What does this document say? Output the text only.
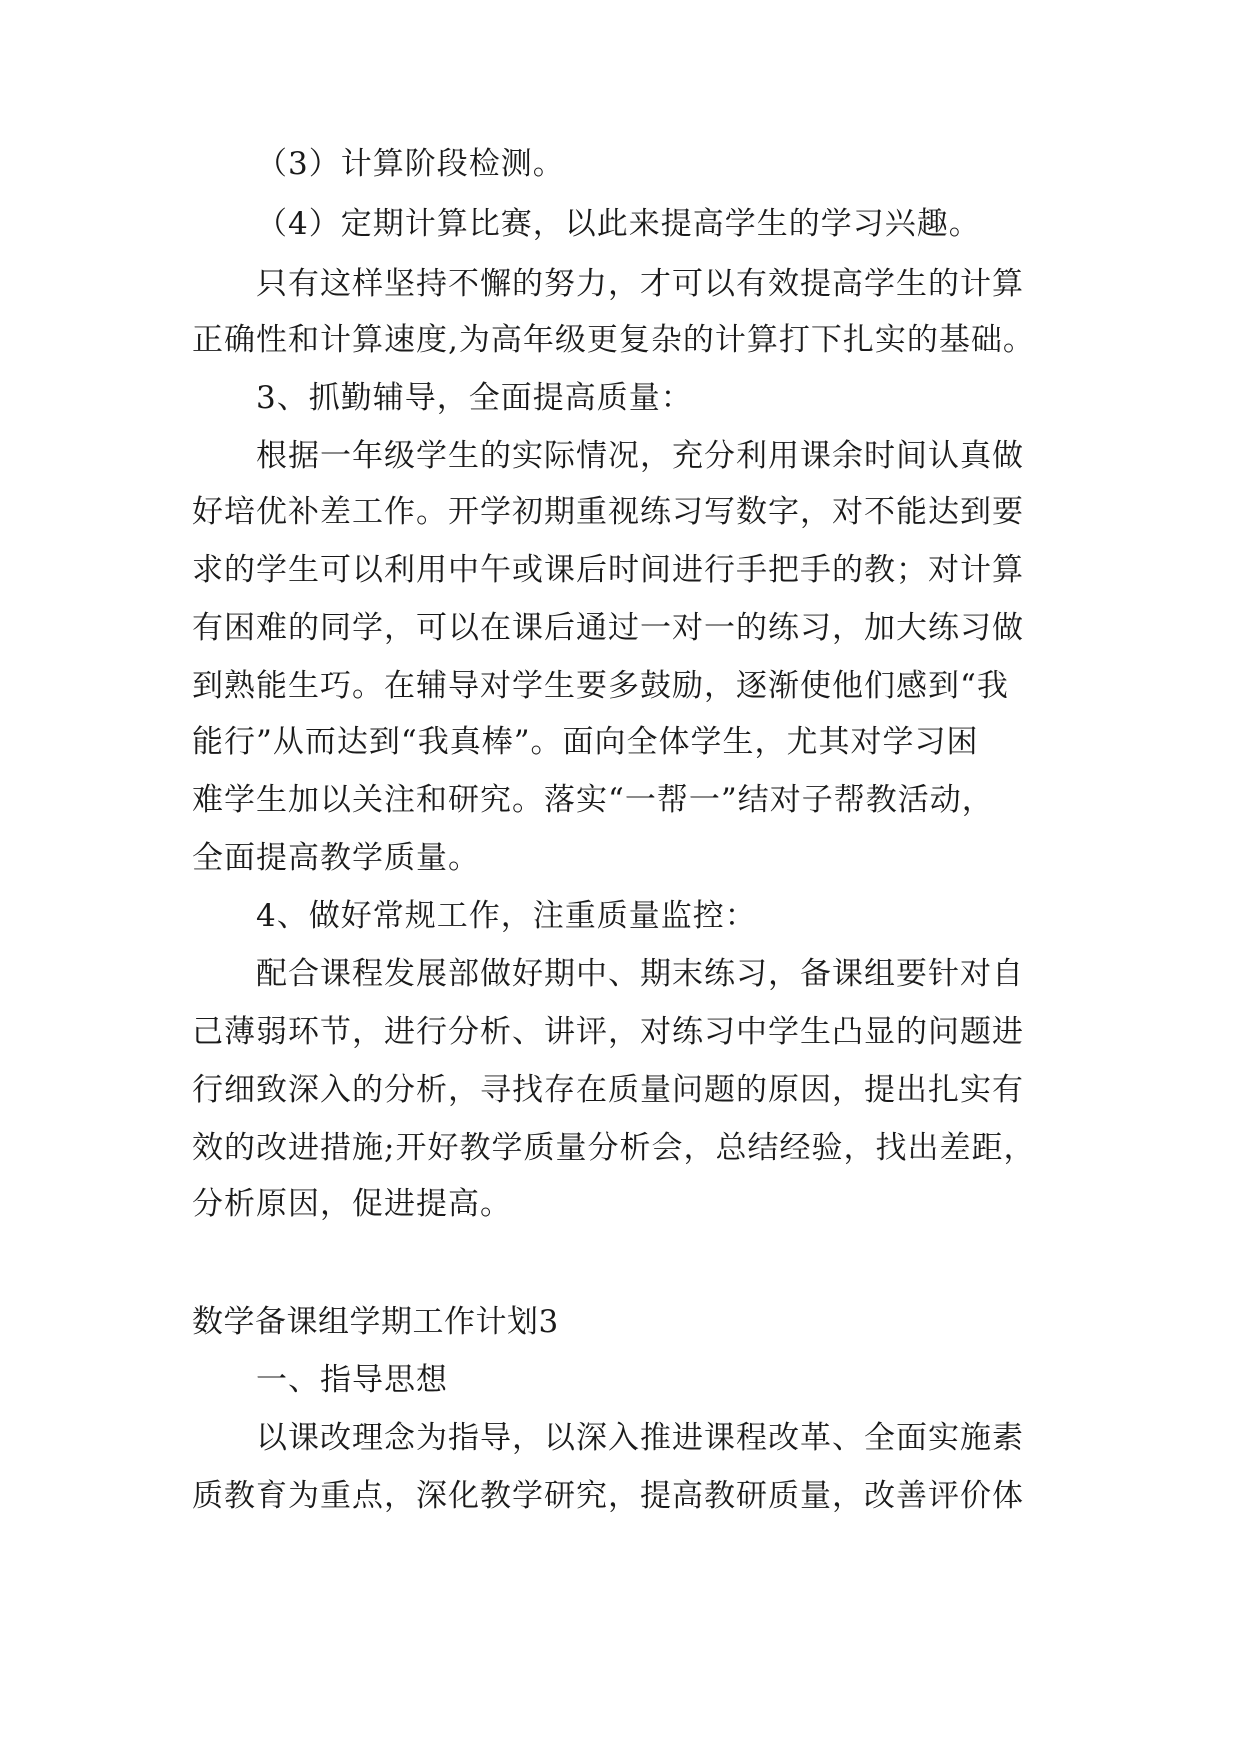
（3）计算阶段检测。
（4）定期计算比赛，以此来提高学生的学习兴趣。
只有这样坚持不懈的努力，才可以有效提高学生的计算
正确性和计算速度,为高年级更复杂的计算打下扎实的基础。
3、抓勤辅导，全面提高质量：
根据一年级学生的实际情况，充分利用课余时间认真做
好培优补差工作。开学初期重视练习写数字，对不能达到要
求的学生可以利用中午或课后时间进行手把手的教；对计算
有困难的同学，可以在课后通过一对一的练习，加大练习做
到熟能生巧。在辅导对学生要多鼓励，逐渐使他们感到“我
能行”从而达到“我真棒”。面向全体学生，尤其对学习困
难学生加以关注和研究。落实“一帮一”结对子帮教活动，
全面提高教学质量。
4、做好常规工作，注重质量监控：
配合课程发展部做好期中、期末练习，备课组要针对自
己薄弱环节，进行分析、讲评，对练习中学生凸显的问题进
行细致深入的分析，寻找存在质量问题的原因，提出扎实有
效的改进措施;开好教学质量分析会，总结经验，找出差距，
分析原因，促进提高。
数学备课组学期工作计划3
一、指导思想
以课改理念为指导，以深入推进课程改革、全面实施素
质教育为重点，深化教学研究，提高教研质量，改善评价体
